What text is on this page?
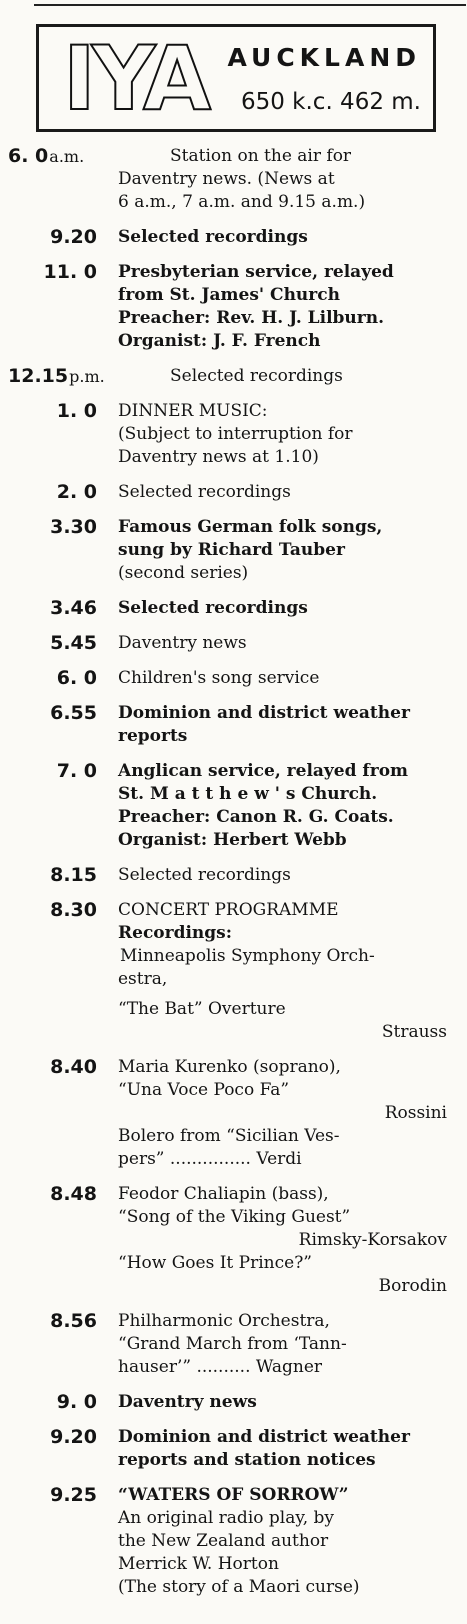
IYA AUCKLAND
650 k.c. 462 m.
6. 0a.m.	Station on the air for
Daventry news. (News at
6 a.m., 7 a.m. and 9.15 a.m.)
9.20	Selected recordings
11. 0	Presbyterian service, relayed
from St. James' Church
Preacher: Rev. H. J. Lilburn.
Organist: J. F. French
12.15p.m.	Selected recordings
1. 0	DINNER MUSIC:
(Subject to interruption for
Daventry news at 1.10)
2. 0	Selected recordings
3.30	Famous German folk songs,
sung by Richard Tauber
(second series)
3.46	Selected recordings
5.45	Daventry news
6. 0	Children's song service
6.55	Dominion and district weather
reports
7. 0	Anglican service, relayed from
St. M a t t h e w ' s Church.
Preacher: Canon R. G. Coats.
Organist: Herbert Webb
8.15	Selected recordings
8.30	CONCERT PROGRAMME
Recordings:
Minneapolis Symphony Orch-
estra,
“The Bat” Overture
Strauss
8.40	Maria Kurenko (soprano),
“Una Voce Poco Fa”
Rossini
Bolero from “Sicilian Ves-
pers” ............... Verdi
8.48	Feodor Chaliapin (bass),
“Song of the Viking Guest”
Rimsky-Korsakov
“How Goes It Prince?”
Borodin
8.56	Philharmonic Orchestra,
“Grand March from ‘Tann-
hauser’” .......... Wagner
9. 0	Daventry news
9.20	Dominion and district weather
reports and station notices
9.25	“WATERS OF SORROW”
An original radio play, by
the New Zealand author
Merrick W. Horton
(The story of a Maori curse)
